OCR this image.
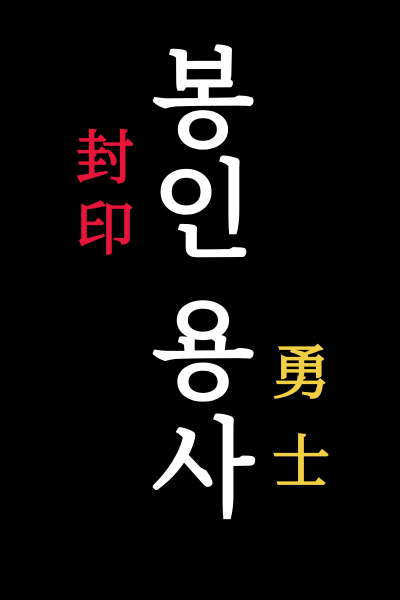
봉
인
용
사
封
印
勇
士
